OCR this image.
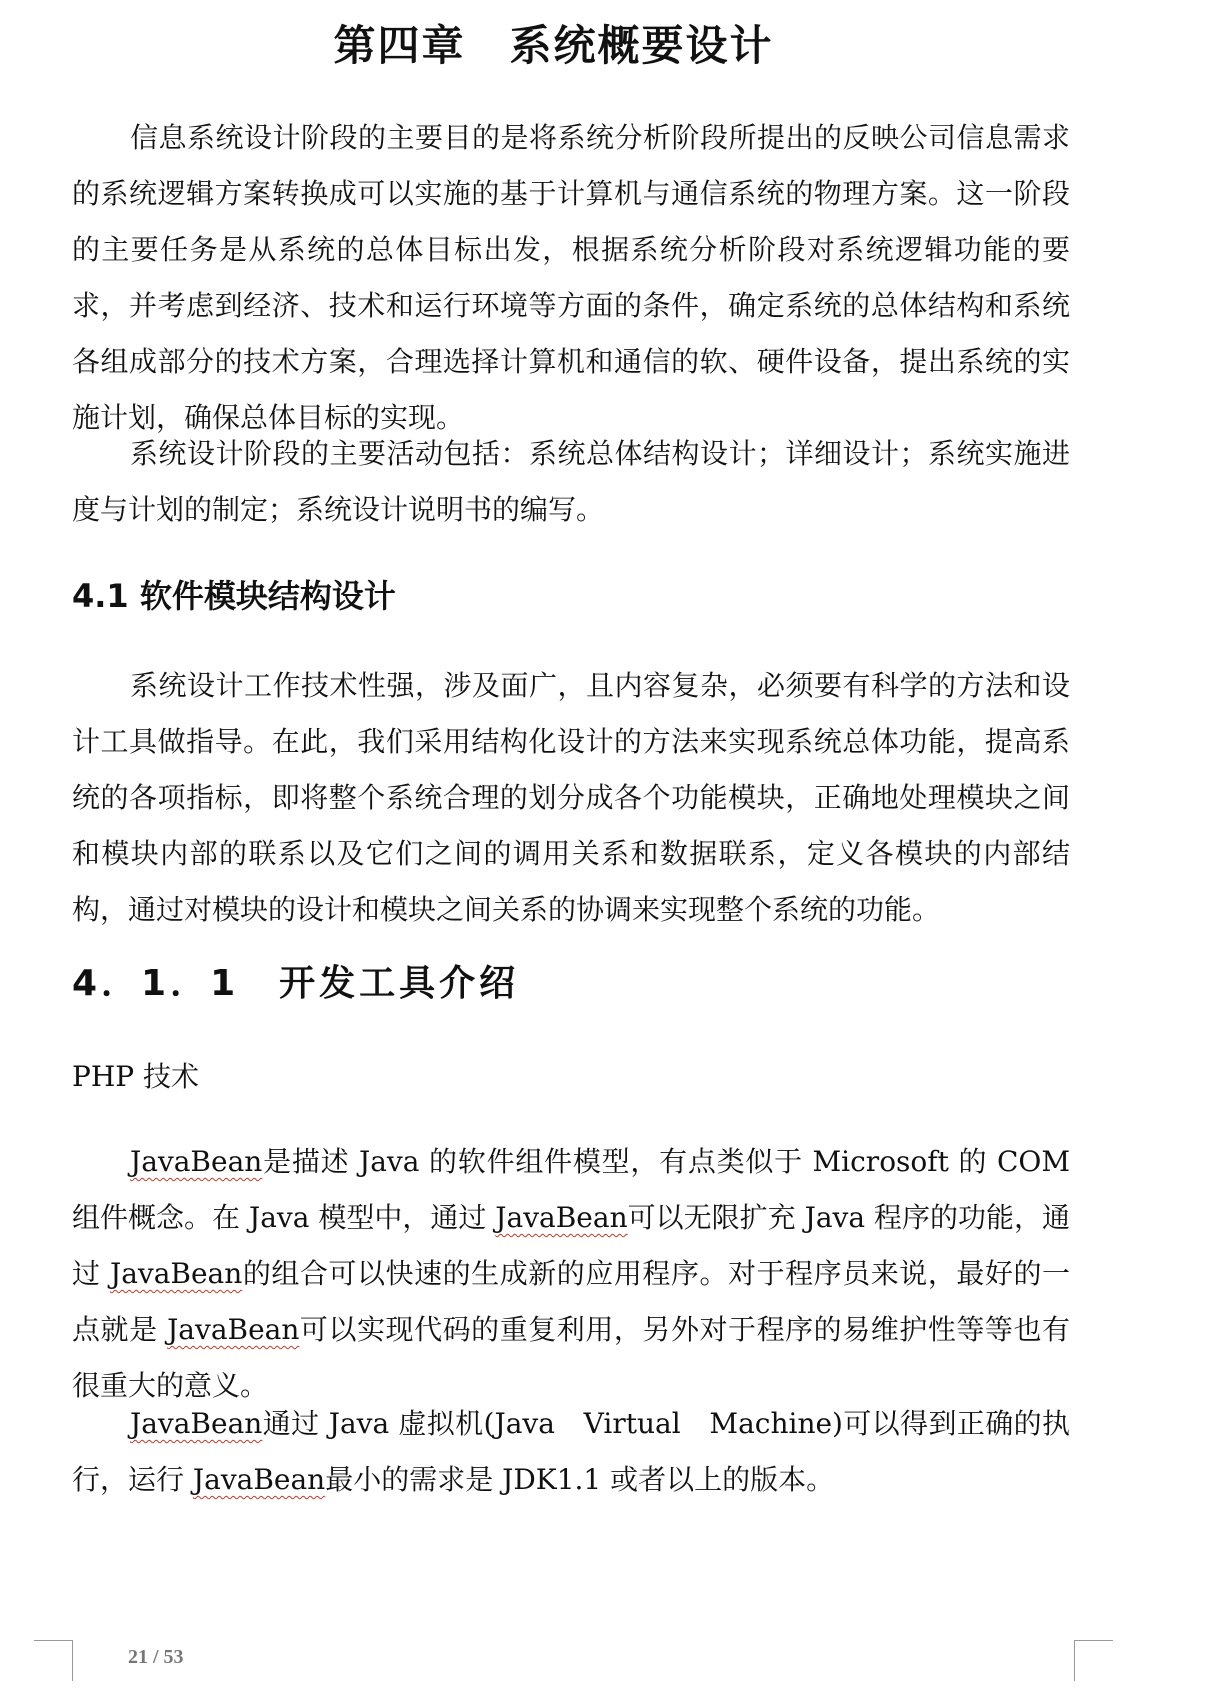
第四章　系统概要设计

信息系统设计阶段的主要目的是将系统分析阶段所提出的反映公司信息需求的系统逻辑方案转换成可以实施的基于计算机与通信系统的物理方案。这一阶段的主要任务是从系统的总体目标出发，根据系统分析阶段对系统逻辑功能的要求，并考虑到经济、技术和运行环境等方面的条件，确定系统的总体结构和系统各组成部分的技术方案，合理选择计算机和通信的软、硬件设备，提出系统的实施计划，确保总体目标的实现。

系统设计阶段的主要活动包括：系统总体结构设计；详细设计；系统实施进度与计划的制定；系统设计说明书的编写。

4.1 软件模块结构设计

系统设计工作技术性强，涉及面广，且内容复杂，必须要有科学的方法和设计工具做指导。在此，我们采用结构化设计的方法来实现系统总体功能，提高系统的各项指标，即将整个系统合理的划分成各个功能模块，正确地处理模块之间和模块内部的联系以及它们之间的调用关系和数据联系，定义各模块的内部结构，通过对模块的设计和模块之间关系的协调来实现整个系统的功能。

4．1．1　开发工具介绍
PHP 技术

JavaBean是描述 Java 的软件组件模型，有点类似于 Microsoft 的 COM 组件概念。在 Java 模型中，通过 JavaBean可以无限扩充 Java 程序的功能，通过 JavaBean的组合可以快速的生成新的应用程序。对于程序员来说，最好的一点就是 JavaBean可以实现代码的重复利用，另外对于程序的易维护性等等也有很重大的意义。

JavaBean通过 Java 虚拟机(Java　Virtual　Machine)可以得到正确的执行，运行 JavaBean最小的需求是 JDK1.1 或者以上的版本。

21 / 53
